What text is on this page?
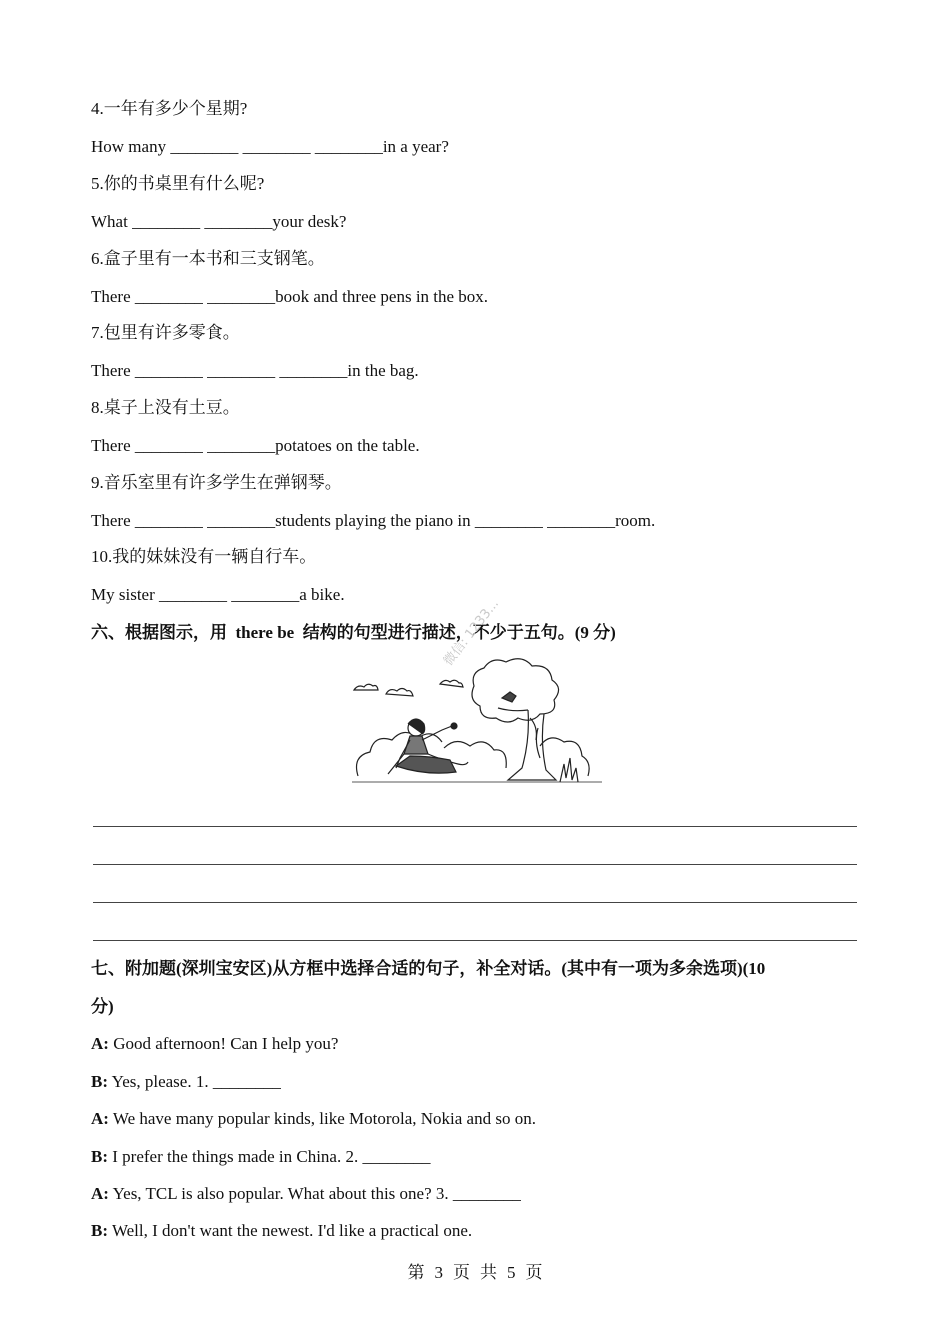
4.一年有多少个星期?
How many ________ ________ ________in a year?
5.你的书桌里有什么呢?
What ________ ________your desk?
6.盒子里有一本书和三支钢笔。
There ________ ________book and three pens in the box.
7.包里有许多零食。
There ________ ________ ________in the bag.
8.桌子上没有土豆。
There ________ ________potatoes on the table.
9.音乐室里有许多学生在弹钢琴。
There ________ ________students playing the piano in ________ ________room.
10.我的妹妹没有一辆自行车。
My sister ________ ________a bike.
六、根据图示，用  there be  结构的句型进行描述，不少于五句。(9 分)
微信: 1233...
七、附加题(深圳宝安区)从方框中选择合适的句子，补全对话。(其中有一项为多余选项)(10
分)
A: Good afternoon! Can I help you?
B: Yes, please. 1. ________
A: We have many popular kinds, like Motorola, Nokia and so on.
B: I prefer the things made in China. 2. ________
A: Yes, TCL is also popular. What about this one? 3. ________
B: Well, I don't want the newest. I'd like a practical one.
第 3 页 共 5 页
